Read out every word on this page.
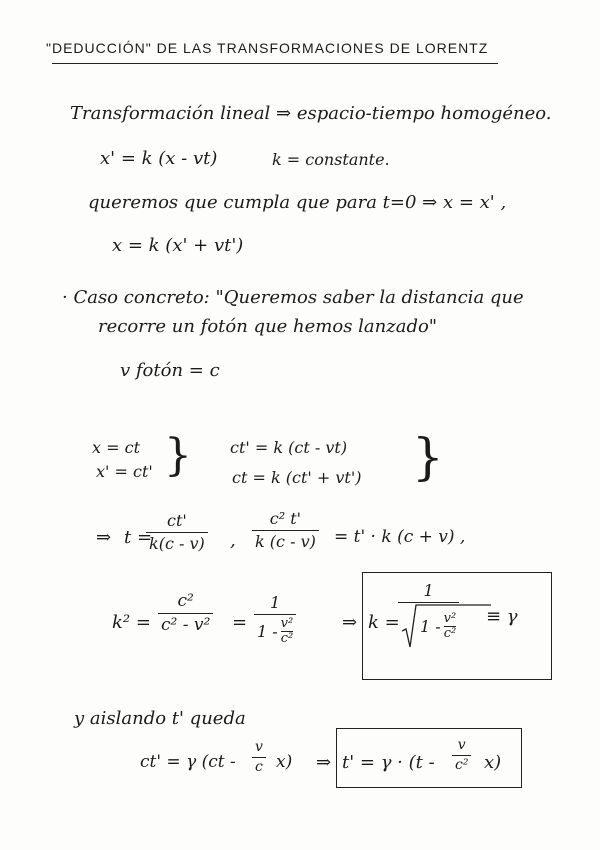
"DEDUCCIÓN" DE LAS TRANSFORMACIONES DE LORENTZ
Transformación lineal ⇒ espacio-tiempo homogéneo.
x' = k (x - vt)	k = constante.
queremos que cumpla que para t=0 ⇒ x = x' ,
x = k (x' + vt')
· Caso concreto: "Queremos saber la distancia que
recorre un fotón que hemos lanzado"
v fotón = c
x = ct
x' = ct' } ct' = k (ct - vt)
ct = k (ct' + vt') }
⇒ t =
ct'
k(c - v) ,
c² t'
k (c - v) = t' · k (c + v) ,
k² =
c²
c² - v² =
1
1 - v²
c²
⇒ k =
1
1 - v²
c²
≡ γ
y aislando t' queda
ct' = γ (ct -
v
c x) ⇒ t' = γ · (t -
v
c² x)
